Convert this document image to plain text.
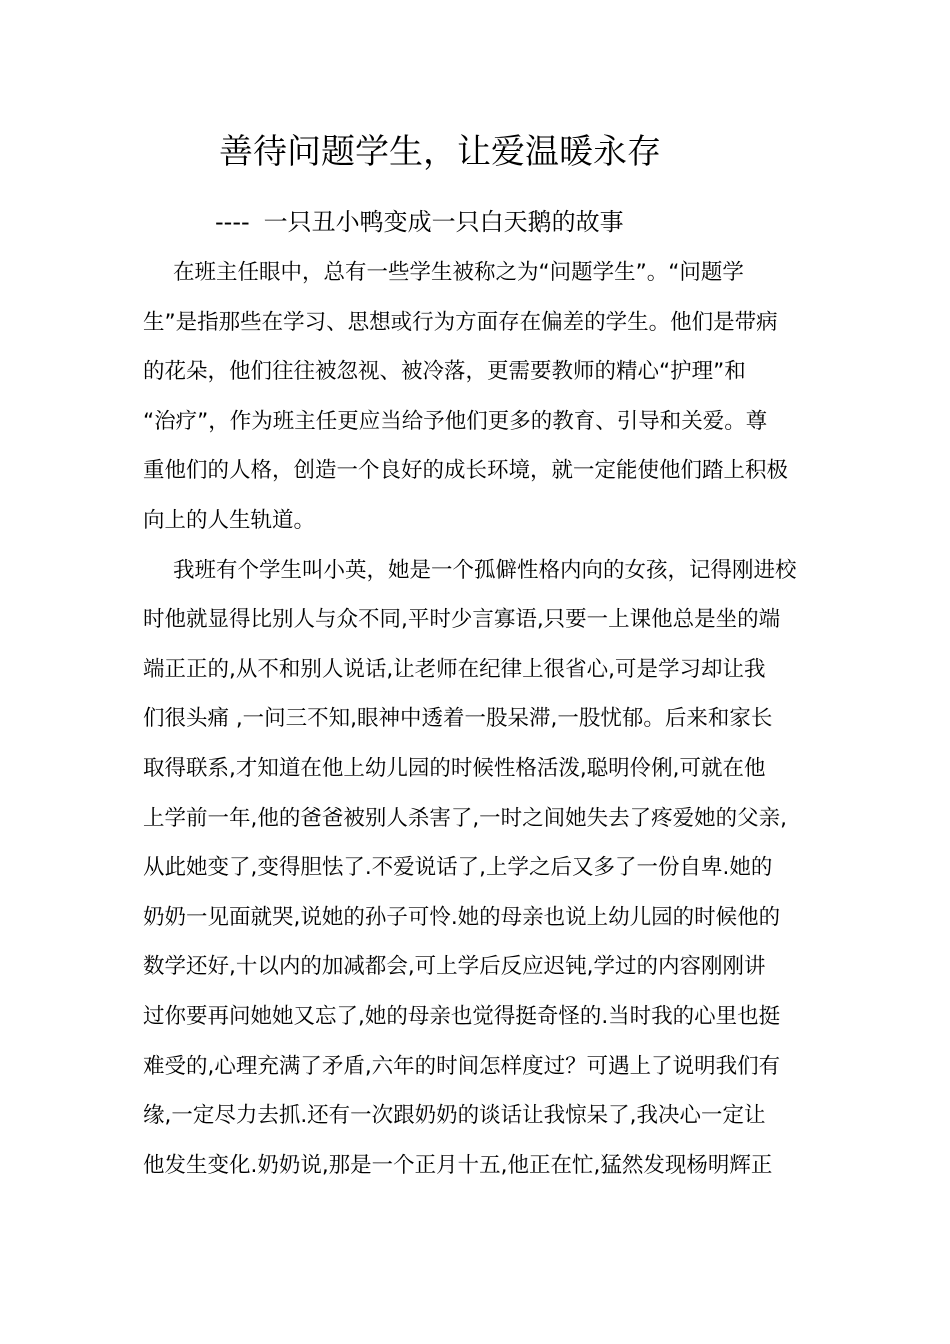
善待问题学生，让爱温暖永存
---- 一只丑小鸭变成一只白天鹅的故事
在班主任眼中，总有一些学生被称之为“问题学生”。“问题学
生”是指那些在学习、思想或行为方面存在偏差的学生。他们是带病
的花朵，他们往往被忽视、被冷落，更需要教师的精心“护理”和
“治疗”，作为班主任更应当给予他们更多的教育、引导和关爱。尊
重他们的人格，创造一个良好的成长环境，就一定能使他们踏上积极
向上的人生轨道。
我班有个学生叫小英，她是一个孤僻性格内向的女孩，记得刚进校
时他就显得比别人与众不同,平时少言寡语,只要一上课他总是坐的端
端正正的,从不和别人说话,让老师在纪律上很省心,可是学习却让我
们很头痛 ,一问三不知,眼神中透着一股呆滞,一股忧郁。后来和家长
取得联系,才知道在他上幼儿园的时候性格活泼,聪明伶俐,可就在他
上学前一年,他的爸爸被别人杀害了,一时之间她失去了疼爱她的父亲,
从此她变了,变得胆怯了.不爱说话了,上学之后又多了一份自卑.她的
奶奶一见面就哭,说她的孙子可怜.她的母亲也说上幼儿园的时候他的
数学还好,十以内的加减都会,可上学后反应迟钝,学过的内容刚刚讲
过你要再问她她又忘了,她的母亲也觉得挺奇怪的.当时我的心里也挺
难受的,心理充满了矛盾,六年的时间怎样度过？可遇上了说明我们有
缘,一定尽力去抓.还有一次跟奶奶的谈话让我惊呆了,我决心一定让
他发生变化.奶奶说,那是一个正月十五,他正在忙,猛然发现杨明辉正
